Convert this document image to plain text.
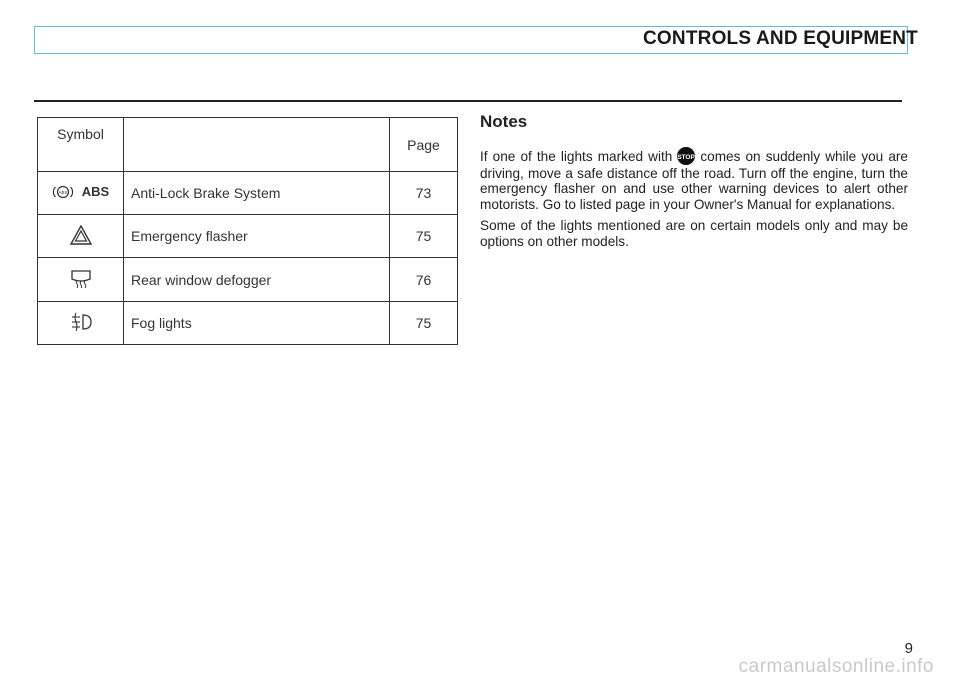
CONTROLS AND EQUIPMENT
Symbol		Page

ABS ABS	Anti-Lock Brake System	73
	Emergency flasher	75
	Rear window defogger	76
	Fog lights	75
Notes

If one of the lights marked with STOP comes on suddenly while you are driving, move a safe distance off the road. Turn off the engine, turn the emergency flasher on and use other warning devices to alert other motorists. Go to listed page in your Owner's Manual for explanations.

Some of the lights mentioned are on certain models only and may be options on other models.

9
carmanualsonline.info
